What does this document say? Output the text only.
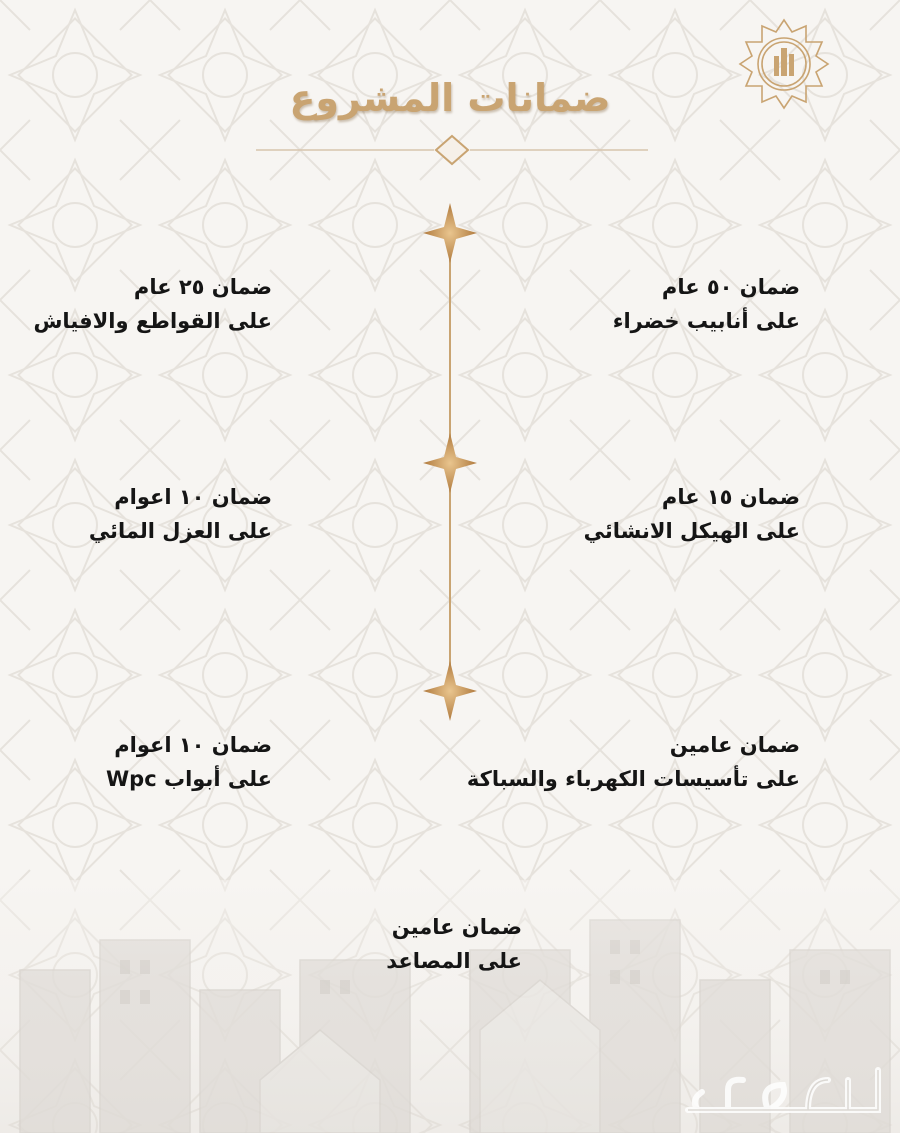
ضمانات المشروع
ضمان ٥٠ عام
على أنابيب خضراء
ضمان ١٥ عام
على الهيكل الانشائي
ضمان عامين
على تأسيسات الكهرباء والسباكة
ضمان ٢٥ عام
على القواطع والافياش
ضمان ١٠ اعوام
على العزل المائي
ضمان ١٠ اعوام
على أبواب Wpc
ضمان عامين
على المصاعد
